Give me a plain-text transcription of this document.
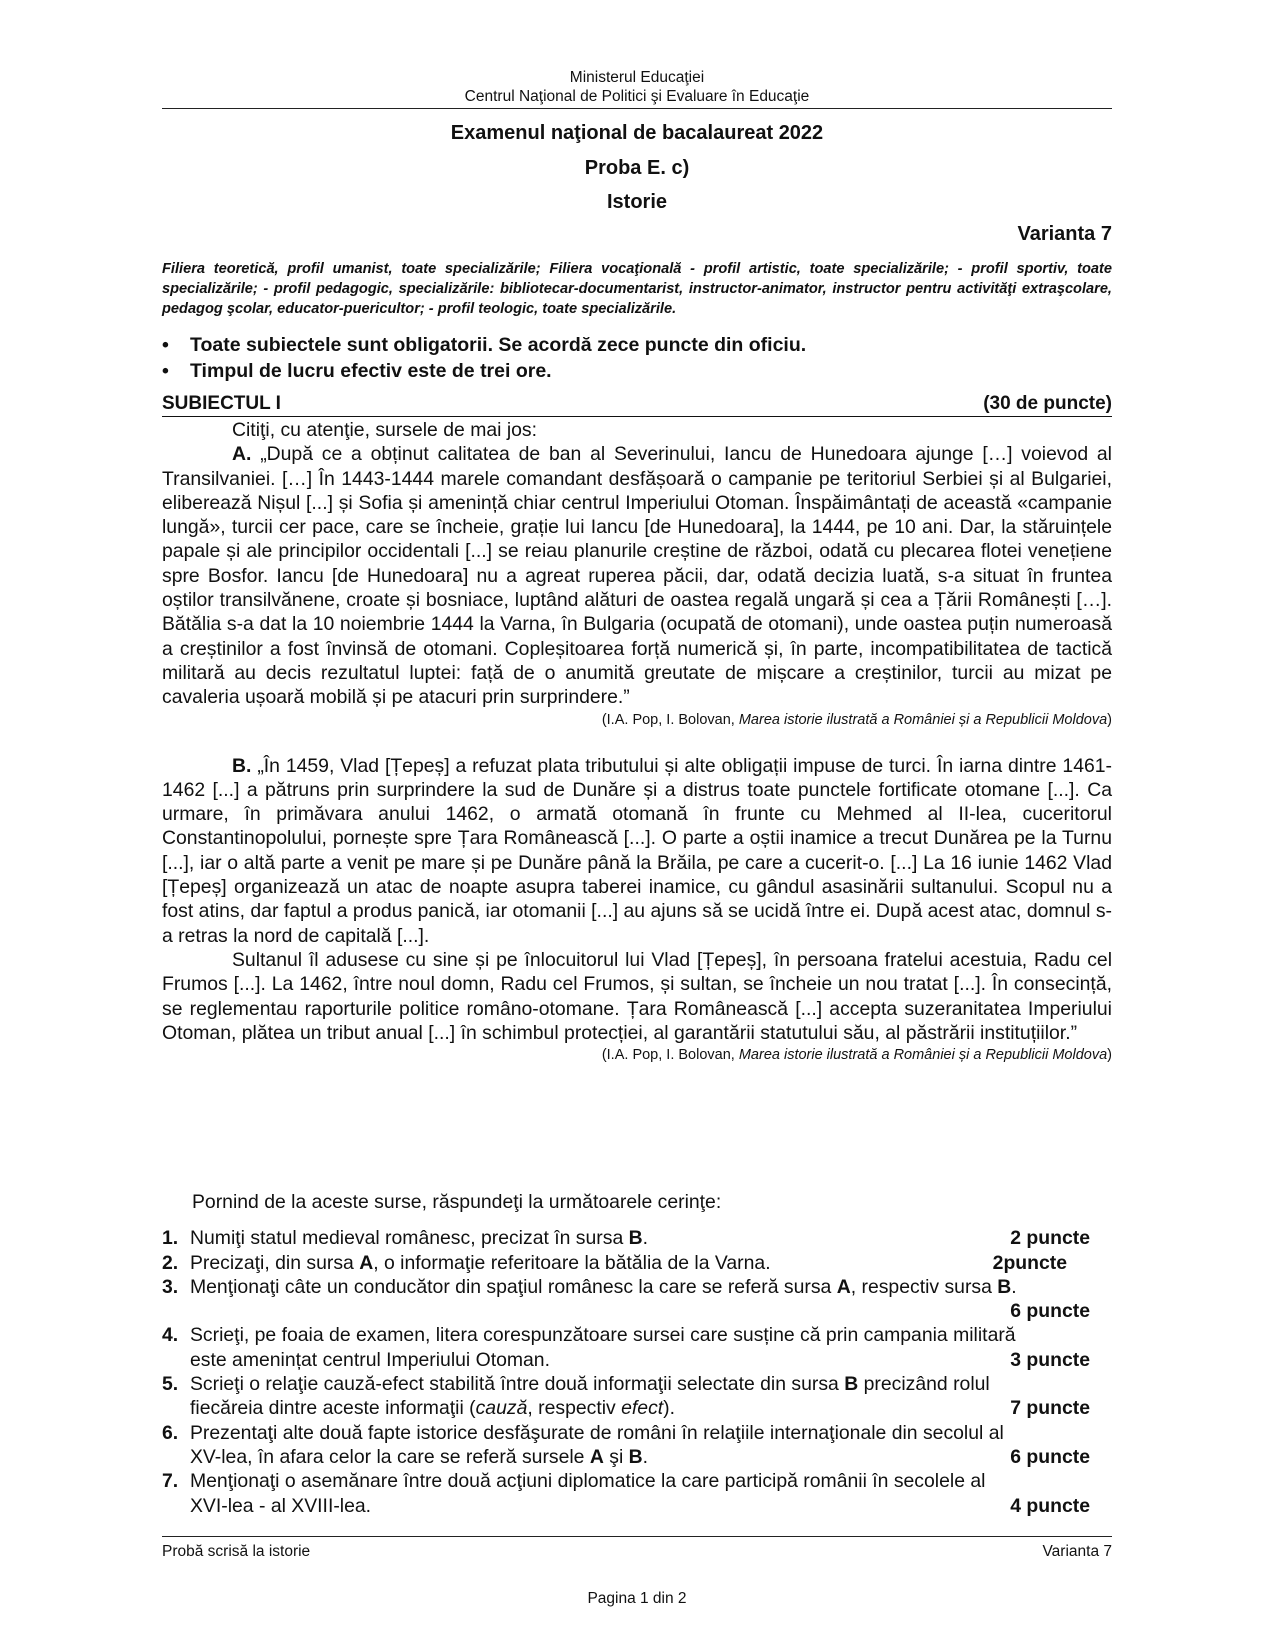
Ministerul Educaţiei
Centrul Naţional de Politici şi Evaluare în Educaţie
Examenul naţional de bacalaureat 2022
Proba E. c)
Istorie
Varianta 7
Filiera teoretică, profil umanist, toate specializările; Filiera vocaţională - profil artistic, toate specializările; - profil sportiv, toate specializările; - profil pedagogic, specializările: bibliotecar-documentarist, instructor-animator, instructor pentru activităţi extraşcolare, pedagog şcolar, educator-puericultor; - profil teologic, toate specializările.
•	Toate subiectele sunt obligatorii. Se acordă zece puncte din oficiu.
•	Timpul de lucru efectiv este de trei ore.
SUBIECTUL I	(30 de puncte)

Citiţi, cu atenţie, sursele de mai jos:

A. „După ce a obținut calitatea de ban al Severinului, Iancu de Hunedoara ajunge […] voievod al Transilvaniei. […] În 1443-1444 marele comandant desfășoară o campanie pe teritoriul Serbiei și al Bulgariei, eliberează Nișul [...] și Sofia și amenință chiar centrul Imperiului Otoman. Înspăimântați de această «campanie lungă», turcii cer pace, care se încheie, grație lui Iancu [de Hunedoara], la 1444, pe 10 ani. Dar, la stăruințele papale și ale principilor occidentali [...] se reiau planurile creștine de război, odată cu plecarea flotei venețiene spre Bosfor. Iancu [de Hunedoara] nu a agreat ruperea păcii, dar, odată decizia luată, s-a situat în fruntea oștilor transilvănene, croate și bosniace, luptând alături de oastea regală ungară și cea a Țării Românești […]. Bătălia s-a dat la 10 noiembrie 1444 la Varna, în Bulgaria (ocupată de otomani), unde oastea puțin numeroasă a creștinilor a fost învinsă de otomani. Copleșitoarea forță numerică și, în parte, incompatibilitatea de tactică militară au decis rezultatul luptei: față de o anumită greutate de mișcare a creștinilor, turcii au mizat pe cavaleria ușoară mobilă și pe atacuri prin surprindere.”

(I.A. Pop, I. Bolovan, Marea istorie ilustrată a României și a Republicii Moldova)

B. „În 1459, Vlad [Țepeș] a refuzat plata tributului și alte obligații impuse de turci. În iarna dintre 1461-1462 [...] a pătruns prin surprindere la sud de Dunăre și a distrus toate punctele fortificate otomane [...]. Ca urmare, în primăvara anului 1462, o armată otomană în frunte cu Mehmed al II-lea, cuceritorul Constantinopolului, pornește spre Țara Românească [...]. O parte a oștii inamice a trecut Dunărea pe la Turnu [...], iar o altă parte a venit pe mare și pe Dunăre până la Brăila, pe care a cucerit-o. [...] La 16 iunie 1462 Vlad [Țepeș] organizează un atac de noapte asupra taberei inamice, cu gândul asasinării sultanului. Scopul nu a fost atins, dar faptul a produs panică, iar otomanii [...] au ajuns să se ucidă între ei. După acest atac, domnul s-a retras la nord de capitală [...].

Sultanul îl adusese cu sine și pe înlocuitorul lui Vlad [Țepeș], în persoana fratelui acestuia, Radu cel Frumos [...]. La 1462, între noul domn, Radu cel Frumos, și sultan, se încheie un nou tratat [...]. În consecință, se reglementau raporturile politice româno-otomane. Țara Românească [...] accepta suzeranitatea Imperiului Otoman, plătea un tribut anual [...] în schimbul protecției, al garantării statutului său, al păstrării instituțiilor.”

(I.A. Pop, I. Bolovan, Marea istorie ilustrată a României și a Republicii Moldova)

Pornind de la aceste surse, răspundeţi la următoarele cerinţe:

1. Numiţi statul medieval românesc, precizat în sursa B.	2 puncte
2. Precizaţi, din sursa A, o informaţie referitoare la bătălia de la Varna.	2puncte
3. Menţionaţi câte un conducător din spaţiul românesc la care se referă sursa A, respectiv sursa B.
6 puncte
4. Scrieţi, pe foaia de examen, litera corespunzătoare sursei care susține că prin campania militară
este amenințat centrul Imperiului Otoman.	3 puncte
5. Scrieţi o relaţie cauză-efect stabilită între două informaţii selectate din sursa B precizând rolul
fiecăreia dintre aceste informaţii (cauză, respectiv efect).	7 puncte
6. Prezentaţi alte două fapte istorice desfăşurate de români în relaţiile internaţionale din secolul al
XV-lea, în afara celor la care se referă sursele A şi B.	6 puncte
7. Menţionaţi o asemănare între două acţiuni diplomatice la care participă românii în secolele al
XVI-lea - al XVIII-lea.	4 puncte
Probă scrisă la istorie	Varianta 7
Pagina 1 din 2
